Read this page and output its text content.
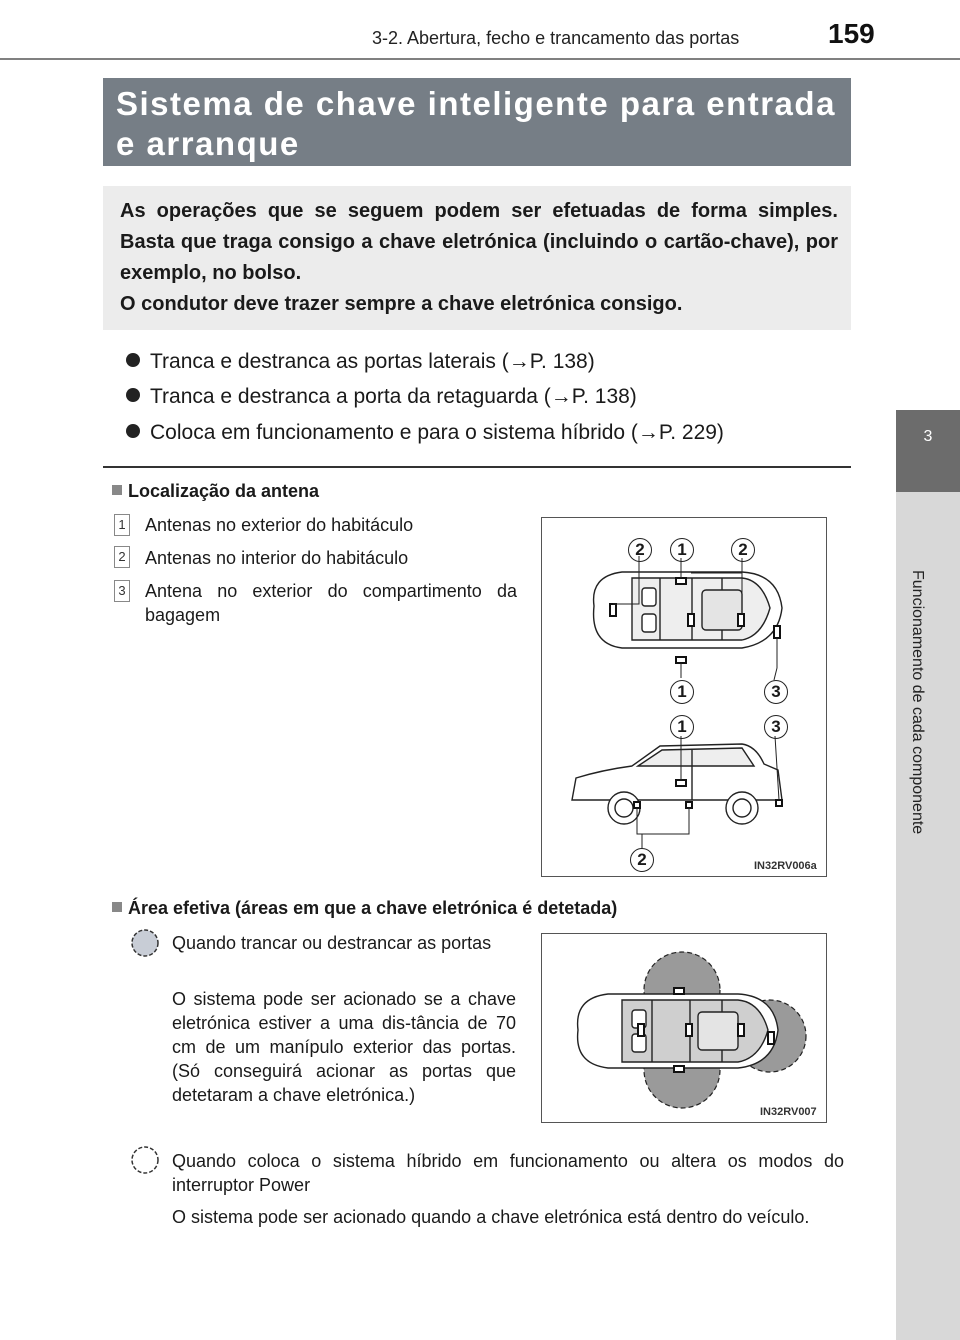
3-2. Abertura, fecho e trancamento das portas	159
3
Funcionamento de cada componente
Sistema de chave inteligente para entrada e arranque
As operações que se seguem podem ser efetuadas de forma simples. Basta que traga consigo a chave eletrónica (incluindo o cartão-chave), por exemplo, no bolso.
O condutor deve trazer sempre a chave eletrónica consigo.
Tranca e destranca as portas laterais (→P. 138)
Tranca e destranca a porta da retaguarda (→P. 138)
Coloca em funcionamento e para o sistema híbrido (→P. 229)
Localização da antena
1 Antenas no exterior do habitáculo
2 Antenas no interior do habitáculo
3 Antena no exterior do compartimento da bagagem
IN32RV006a
2	1	2
1	3
1	3
2
Área efetiva (áreas em que a chave eletrónica é detetada)
Quando trancar ou destrancar as portas
O sistema pode ser acionado se a chave eletrónica estiver a uma dis-tância de 70 cm de um manípulo exterior das portas. (Só conseguirá acionar as portas que detetaram a chave eletrónica.)
IN32RV007
Quando coloca o sistema híbrido em funcionamento ou altera os modos do interruptor Power
O sistema pode ser acionado quando a chave eletrónica está dentro do veículo.
